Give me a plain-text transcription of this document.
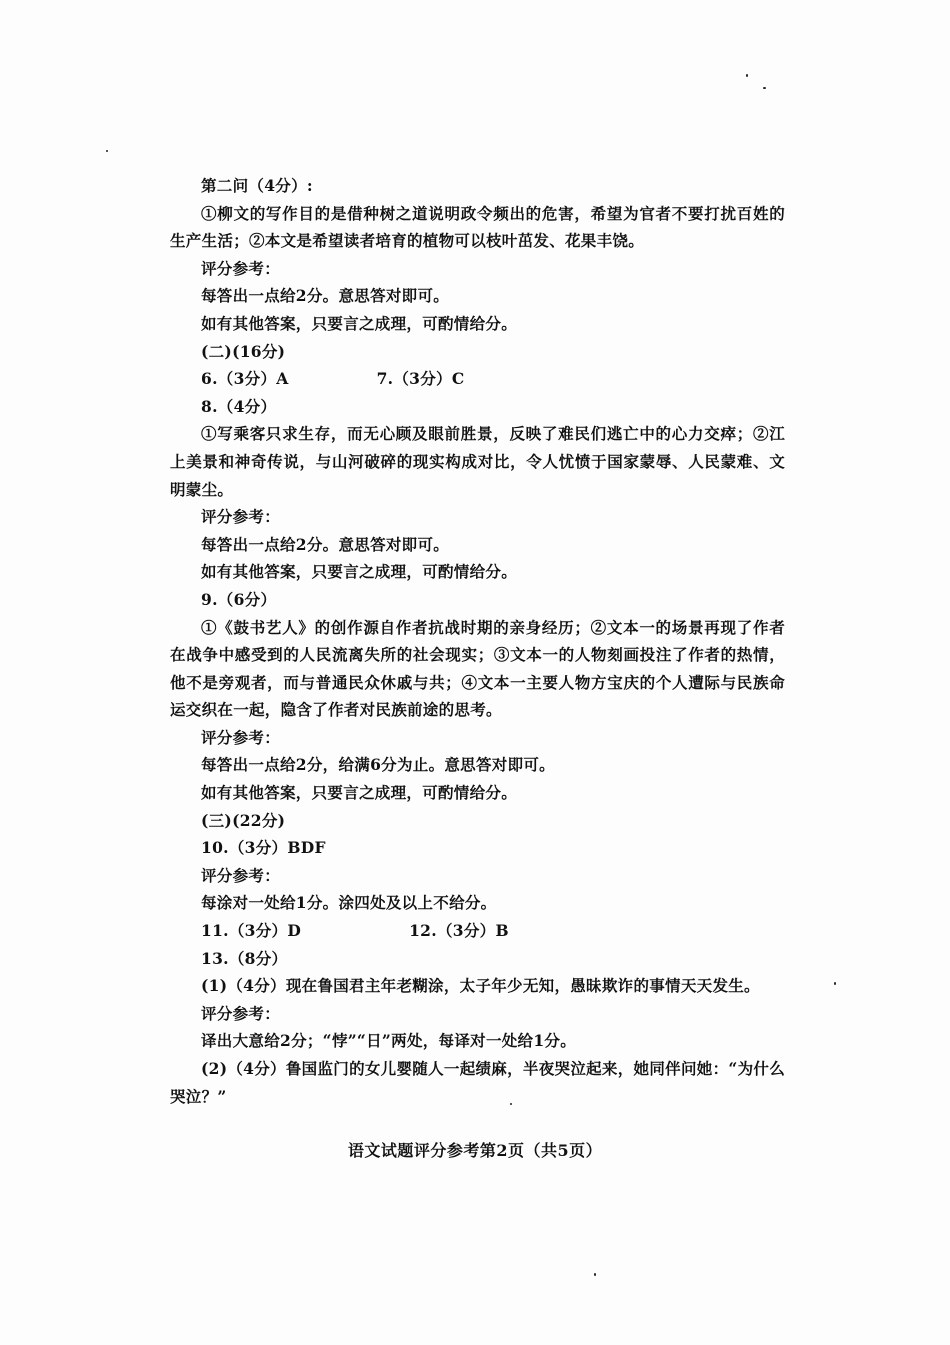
第二问（4分）:
①柳文的写作目的是借种树之道说明政令频出的危害，希望为官者不要打扰百姓的生产生活；②本文是希望读者培育的植物可以枝叶茁发、花果丰饶。
评分参考：
每答出一点给2分。意思答对即可。
如有其他答案，只要言之成理，可酌情给分。
(二)(16分)
6.（3分）A	7.（3分）C
8.（4分）
①写乘客只求生存，而无心顾及眼前胜景，反映了难民们逃亡中的心力交瘁；②江上美景和神奇传说，与山河破碎的现实构成对比，令人忧愤于国家蒙辱、人民蒙难、文明蒙尘。
评分参考：
每答出一点给2分。意思答对即可。
如有其他答案，只要言之成理，可酌情给分。
9.（6分）
①《鼓书艺人》的创作源自作者抗战时期的亲身经历；②文本一的场景再现了作者在战争中感受到的人民流离失所的社会现实；③文本一的人物刻画投注了作者的热情，他不是旁观者，而与普通民众休戚与共；④文本一主要人物方宝庆的个人遭际与民族命运交织在一起，隐含了作者对民族前途的思考。
评分参考：
每答出一点给2分，给满6分为止。意思答对即可。
如有其他答案，只要言之成理，可酌情给分。
(三)(22分)
10.（3分）BDF
评分参考：
每涂对一处给1分。涂四处及以上不给分。
11.（3分）D	12.（3分）B
13.（8分）
(1)（4分）现在鲁国君主年老糊涂，太子年少无知，愚昧欺诈的事情天天发生。
评分参考：
译出大意给2分；“悖”“日”两处，每译对一处给1分。
(2)（4分）鲁国监门的女儿婴随人一起绩麻，半夜哭泣起来，她同伴问她：“为什么哭泣？”
语文试题评分参考第2页（共5页）
